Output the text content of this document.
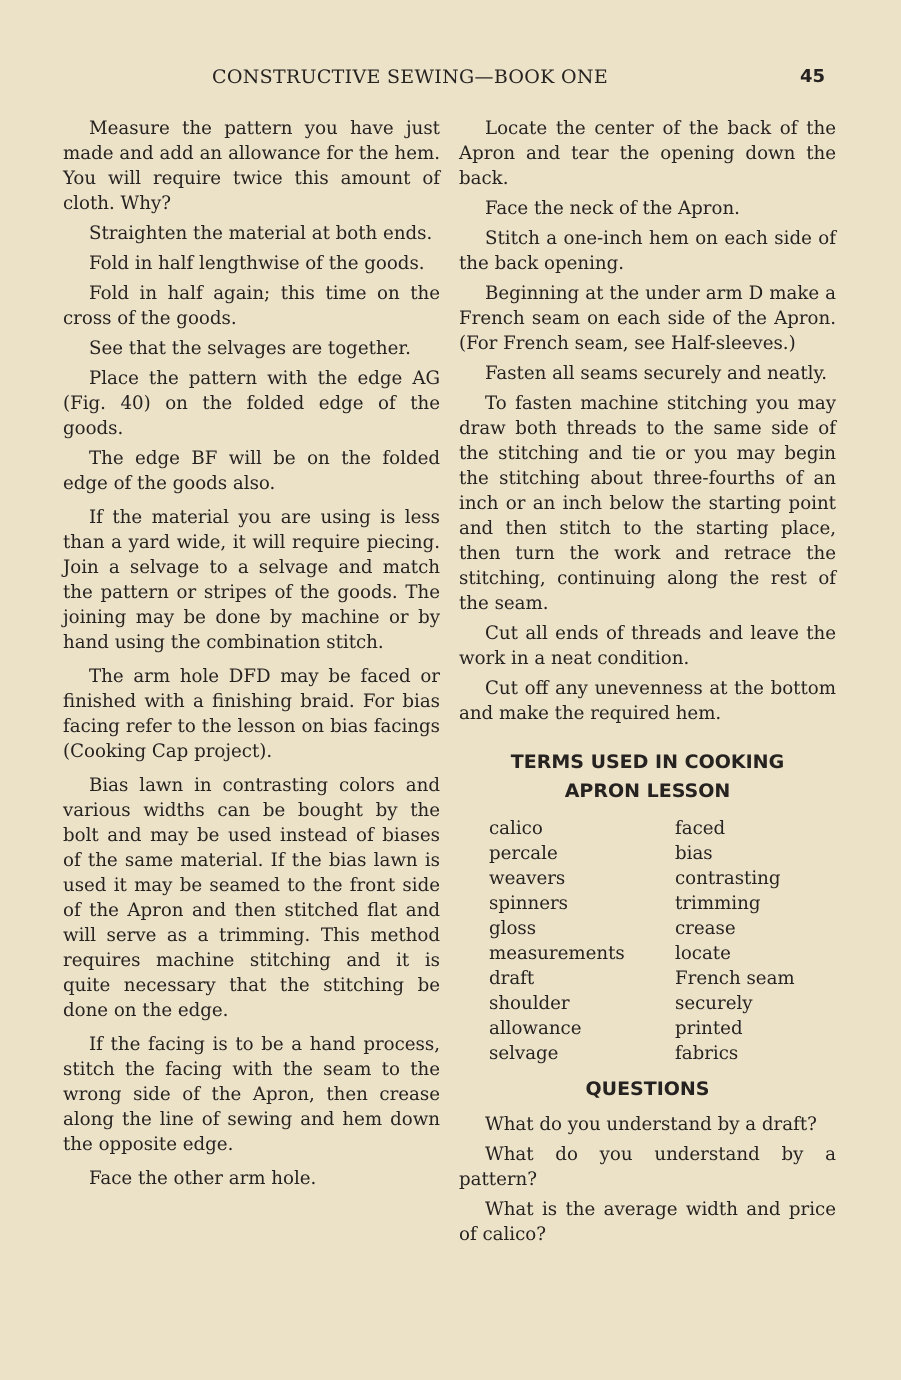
CONSTRUCTIVE SEWING—BOOK ONE	45

Measure the pattern you have just made and add an allowance for the hem. You will require twice this amount of cloth. Why?

Straighten the material at both ends.

Fold in half lengthwise of the goods.

Fold in half again; this time on the cross of the goods.

See that the selvages are together.

Place the pattern with the edge AG (Fig. 40) on the folded edge of the goods.

The edge BF will be on the folded edge of the goods also.

If the material you are using is less than a yard wide, it will require piecing. Join a selvage to a selvage and match the pattern or stripes of the goods. The joining may be done by machine or by hand using the combination stitch.

The arm hole DFD may be faced or finished with a finishing braid. For bias facing refer to the lesson on bias facings (Cooking Cap project).

Bias lawn in contrasting colors and various widths can be bought by the bolt and may be used instead of biases of the same material. If the bias lawn is used it may be seamed to the front side of the Apron and then stitched flat and will serve as a trimming. This method requires machine stitching and it is quite necessary that the stitching be done on the edge.

If the facing is to be a hand process, stitch the facing with the seam to the wrong side of the Apron, then crease along the line of sewing and hem down the opposite edge.

Face the other arm hole.

Locate the center of the back of the Apron and tear the opening down the back.

Face the neck of the Apron.

Stitch a one-inch hem on each side of the back opening.

Beginning at the under arm D make a French seam on each side of the Apron. (For French seam, see Half-sleeves.)

Fasten all seams securely and neatly.

To fasten machine stitching you may draw both threads to the same side of the stitching and tie or you may begin the stitching about three-fourths of an inch or an inch below the starting point and then stitch to the starting place, then turn the work and retrace the stitching, continuing along the rest of the seam.

Cut all ends of threads and leave the work in a neat condition.

Cut off any unevenness at the bottom and make the required hem.

TERMS USED IN COOKING
APRON LESSON
calico
percale
weavers
spinners
gloss
measurements
draft
shoulder
allowance
selvage
faced
bias
contrasting
trimming
crease
locate
French seam
securely
printed
fabrics
QUESTIONS

What do you understand by a draft?

What do you understand by a pattern?

What is the average width and price of calico?
